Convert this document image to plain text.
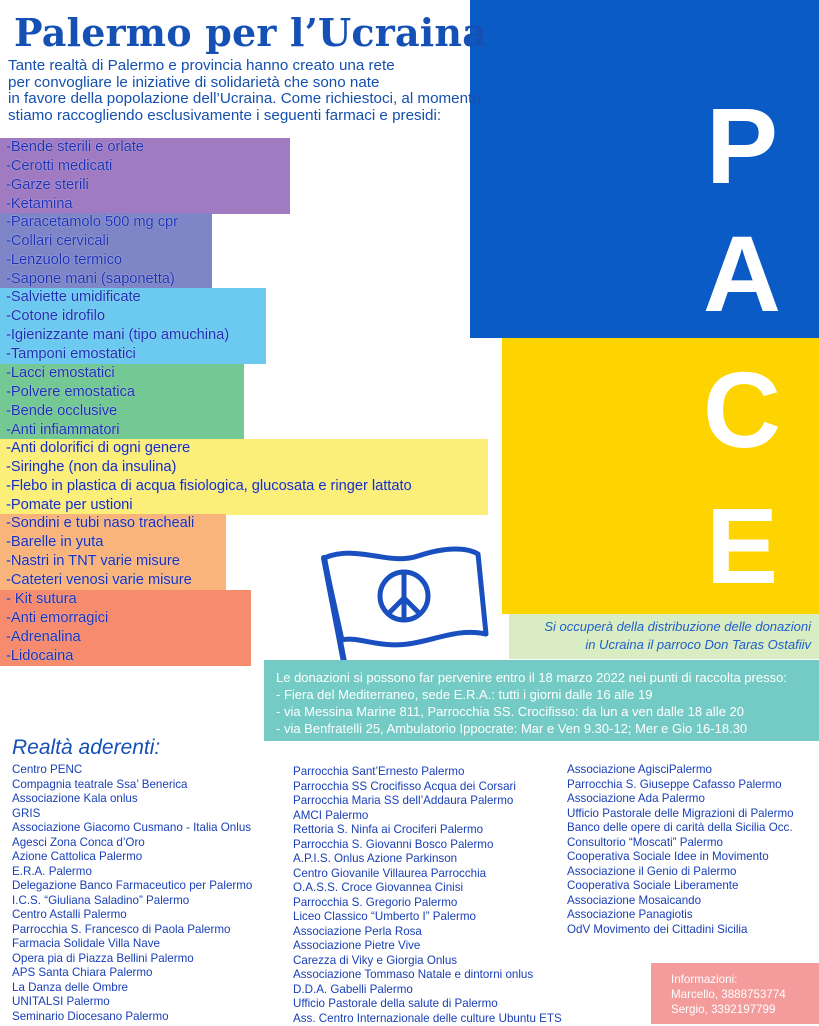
P
A
C
E
Palermo per l’Ucraina
Tante realtà di Palermo e provincia hanno creato una rete
per convogliare le iniziative di solidarietà che sono nate
in favore della popolazione dell’Ucraina. Come richiestoci, al momento,
stiamo raccogliendo esclusivamente i seguenti farmaci e presidi:
-Bende sterili e orlate
-Cerotti medicati
-Garze sterili
-Ketamina
-Paracetamolo 500 mg cpr
-Collari cervicali
-Lenzuolo termico
-Sapone mani (saponetta)
-Salviette umidificate
-Cotone idrofilo
-Igienizzante mani (tipo amuchina)
-Tamponi emostatici
-Lacci emostatici
-Polvere emostatica
-Bende occlusive
-Anti infiammatori
-Anti dolorifici di ogni genere
-Siringhe (non da insulina)
-Flebo in plastica di acqua fisiologica, glucosata e ringer lattato
-Pomate per ustioni
-Sondini e tubi naso tracheali
-Barelle in yuta
-Nastri in TNT varie misure
-Cateteri venosi varie misure
- Kit sutura
-Anti emorragici
-Adrenalina
-Lidocaina
Si occuperà della distribuzione delle donazioni
in Ucraina il parroco Don Taras Ostafiiv
Le donazioni si possono far pervenire entro il 18 marzo 2022 nei punti di raccolta presso:
- Fiera del Mediterraneo, sede E.R.A.: tutti i giorni dalle 16 alle 19
- via Messina Marine 811, Parrocchia SS. Crocifisso: da lun a ven dalle 18 alle 20
- via Benfratelli 25, Ambulatorio Ippocrate: Mar e Ven 9.30-12; Mer e Gio 16-18.30
Realtà aderenti:
Centro PENC
Compagnia teatrale Ssa’ Benerica
Associazione Kala onlus
GRIS
Associazione Giacomo Cusmano - Italia Onlus
Agesci Zona Conca d’Oro
Azione Cattolica Palermo
E.R.A. Palermo
Delegazione Banco Farmaceutico per Palermo
I.C.S. “Giuliana Saladino” Palermo
Centro Astalli Palermo
Parrocchia S. Francesco di Paola Palermo
Farmacia Solidale Villa Nave
Opera pia di Piazza Bellini Palermo
APS Santa Chiara Palermo
La Danza delle Ombre
UNITALSI Palermo
Seminario Diocesano Palermo
Parrocchia Sant’Ernesto Palermo
Parrocchia SS Crocifisso Acqua dei Corsari
Parrocchia Maria SS dell’Addaura Palermo
AMCI Palermo
Rettoria S. Ninfa ai Crociferi Palermo
Parrocchia S. Giovanni Bosco Palermo
A.P.I.S. Onlus Azione Parkinson
Centro Giovanile Villaurea Parrocchia
O.A.S.S. Croce Giovannea Cinisi
Parrocchia S. Gregorio Palermo
Liceo Classico “Umberto I” Palermo
Associazione Perla Rosa
Associazione Pietre Vive
Carezza di Viky e Giorgia Onlus
Associazione Tommaso Natale e dintorni onlus
D.D.A. Gabelli Palermo
Ufficio Pastorale della salute di Palermo
Ass. Centro Internazionale delle culture Ubuntu ETS
Associazione AgisciPalermo
Parrocchia S. Giuseppe Cafasso Palermo
Associazione Ada Palermo
Ufficio Pastorale delle Migrazioni di Palermo
Banco delle opere di carità della Sicilia Occ.
Consultorio “Moscati” Palermo
Cooperativa Sociale Idee in Movimento
Associazione il Genio di Palermo
Cooperativa Sociale Liberamente
Associazione Mosaicando
Associazione Panagiotis
OdV Movimento dei Cittadini Sicilia
Informazioni:
Marcello, 3888753774
Sergio, 3392197799
